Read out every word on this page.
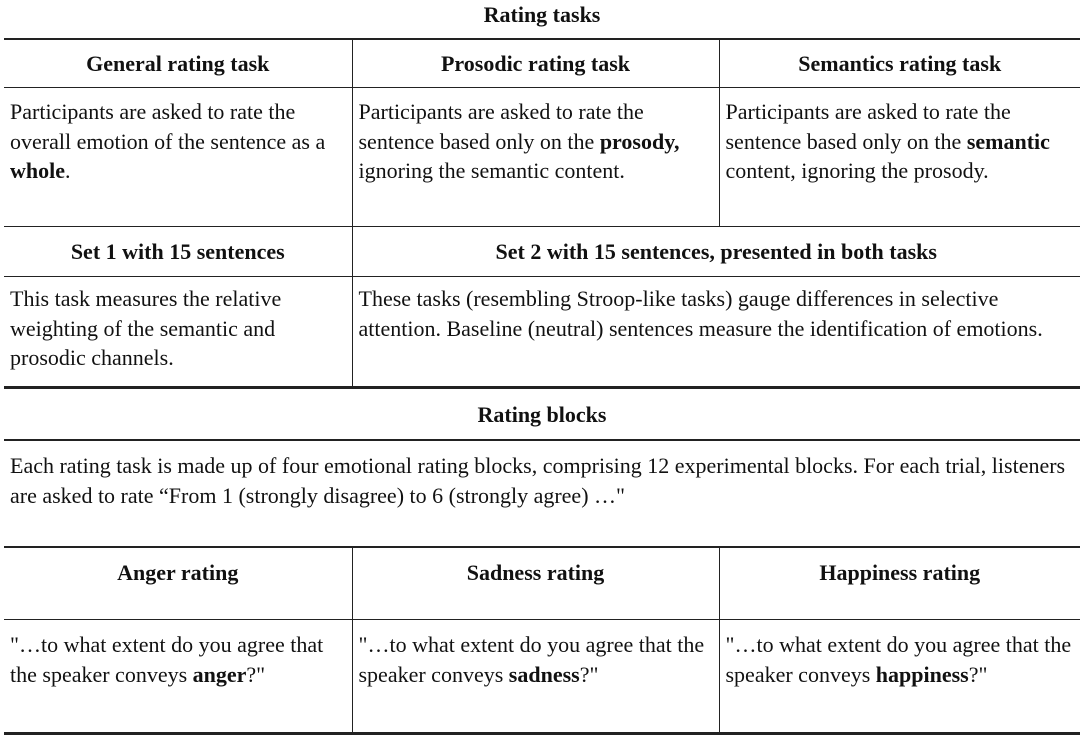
Rating tasks
General rating task	Prosodic rating task	Semantics rating task
Participants are asked to rate the overall emotion of the sentence as a whole.	Participants are asked to rate the sentence based only on the prosody, ignoring the semantic content.	Participants are asked to rate the sentence based only on the semantic content, ignoring the prosody.
Set 1 with 15 sentences	Set 2 with 15 sentences, presented in both tasks	
This task measures the relative weighting of the semantic and prosodic channels.	These tasks (resembling Stroop-like tasks) gauge differences in selective attention. Baseline (neutral) sentences measure the identification of emotions.	
Rating blocks
Each rating task is made up of four emotional rating blocks, comprising 12 experimental blocks. For each trial, listeners are asked to rate “From 1 (strongly disagree) to 6 (strongly agree) …"
Anger rating	Sadness rating	Happiness rating
"…to what extent do you agree that the speaker conveys anger?"	"…to what extent do you agree that the speaker conveys sadness?"	"…to what extent do you agree that the speaker conveys happiness?"
